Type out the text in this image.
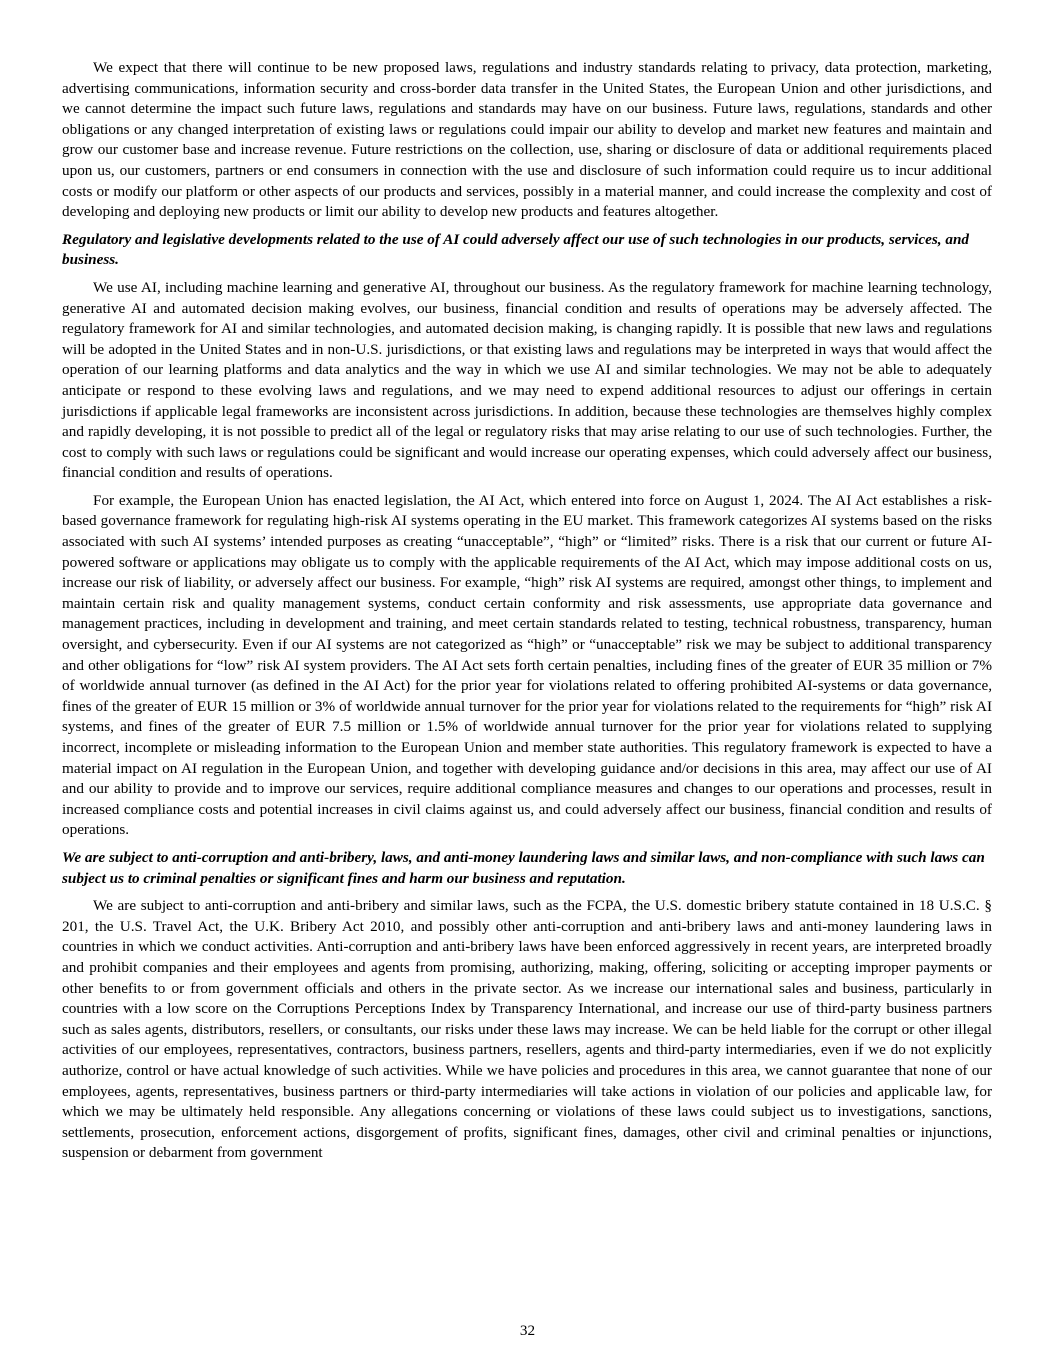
We expect that there will continue to be new proposed laws, regulations and industry standards relating to privacy, data protection, marketing, advertising communications, information security and cross-border data transfer in the United States, the European Union and other jurisdictions, and we cannot determine the impact such future laws, regulations and standards may have on our business. Future laws, regulations, standards and other obligations or any changed interpretation of existing laws or regulations could impair our ability to develop and market new features and maintain and grow our customer base and increase revenue. Future restrictions on the collection, use, sharing or disclosure of data or additional requirements placed upon us, our customers, partners or end consumers in connection with the use and disclosure of such information could require us to incur additional costs or modify our platform or other aspects of our products and services, possibly in a material manner, and could increase the complexity and cost of developing and deploying new products or limit our ability to develop new products and features altogether.

Regulatory and legislative developments related to the use of AI could adversely affect our use of such technologies in our products, services, and business.

We use AI, including machine learning and generative AI, throughout our business. As the regulatory framework for machine learning technology, generative AI and automated decision making evolves, our business, financial condition and results of operations may be adversely affected. The regulatory framework for AI and similar technologies, and automated decision making, is changing rapidly. It is possible that new laws and regulations will be adopted in the United States and in non-U.S. jurisdictions, or that existing laws and regulations may be interpreted in ways that would affect the operation of our learning platforms and data analytics and the way in which we use AI and similar technologies. We may not be able to adequately anticipate or respond to these evolving laws and regulations, and we may need to expend additional resources to adjust our offerings in certain jurisdictions if applicable legal frameworks are inconsistent across jurisdictions. In addition, because these technologies are themselves highly complex and rapidly developing, it is not possible to predict all of the legal or regulatory risks that may arise relating to our use of such technologies. Further, the cost to comply with such laws or regulations could be significant and would increase our operating expenses, which could adversely affect our business, financial condition and results of operations.

For example, the European Union has enacted legislation, the AI Act, which entered into force on August 1, 2024. The AI Act establishes a risk-based governance framework for regulating high-risk AI systems operating in the EU market. This framework categorizes AI systems based on the risks associated with such AI systems’ intended purposes as creating “unacceptable”, “high” or “limited” risks. There is a risk that our current or future AI-powered software or applications may obligate us to comply with the applicable requirements of the AI Act, which may impose additional costs on us, increase our risk of liability, or adversely affect our business. For example, “high” risk AI systems are required, amongst other things, to implement and maintain certain risk and quality management systems, conduct certain conformity and risk assessments, use appropriate data governance and management practices, including in development and training, and meet certain standards related to testing, technical robustness, transparency, human oversight, and cybersecurity. Even if our AI systems are not categorized as “high” or “unacceptable” risk we may be subject to additional transparency and other obligations for “low” risk AI system providers. The AI Act sets forth certain penalties, including fines of the greater of EUR 35 million or 7% of worldwide annual turnover (as defined in the AI Act) for the prior year for violations related to offering prohibited AI-systems or data governance, fines of the greater of EUR 15 million or 3% of worldwide annual turnover for the prior year for violations related to the requirements for “high” risk AI systems, and fines of the greater of EUR 7.5 million or 1.5% of worldwide annual turnover for the prior year for violations related to supplying incorrect, incomplete or misleading information to the European Union and member state authorities. This regulatory framework is expected to have a material impact on AI regulation in the European Union, and together with developing guidance and/or decisions in this area, may affect our use of AI and our ability to provide and to improve our services, require additional compliance measures and changes to our operations and processes, result in increased compliance costs and potential increases in civil claims against us, and could adversely affect our business, financial condition and results of operations.

We are subject to anti-corruption and anti-bribery, laws, and anti-money laundering laws and similar laws, and non-compliance with such laws can subject us to criminal penalties or significant fines and harm our business and reputation.

We are subject to anti-corruption and anti-bribery and similar laws, such as the FCPA, the U.S. domestic bribery statute contained in 18 U.S.C. § 201, the U.S. Travel Act, the U.K. Bribery Act 2010, and possibly other anti-corruption and anti-bribery laws and anti-money laundering laws in countries in which we conduct activities. Anti-corruption and anti-bribery laws have been enforced aggressively in recent years, are interpreted broadly and prohibit companies and their employees and agents from promising, authorizing, making, offering, soliciting or accepting improper payments or other benefits to or from government officials and others in the private sector. As we increase our international sales and business, particularly in countries with a low score on the Corruptions Perceptions Index by Transparency International, and increase our use of third-party business partners such as sales agents, distributors, resellers, or consultants, our risks under these laws may increase. We can be held liable for the corrupt or other illegal activities of our employees, representatives, contractors, business partners, resellers, agents and third-party intermediaries, even if we do not explicitly authorize, control or have actual knowledge of such activities. While we have policies and procedures in this area, we cannot guarantee that none of our employees, agents, representatives, business partners or third-party intermediaries will take actions in violation of our policies and applicable law, for which we may be ultimately held responsible. Any allegations concerning or violations of these laws could subject us to investigations, sanctions, settlements, prosecution, enforcement actions, disgorgement of profits, significant fines, damages, other civil and criminal penalties or injunctions, suspension or debarment from government

32
